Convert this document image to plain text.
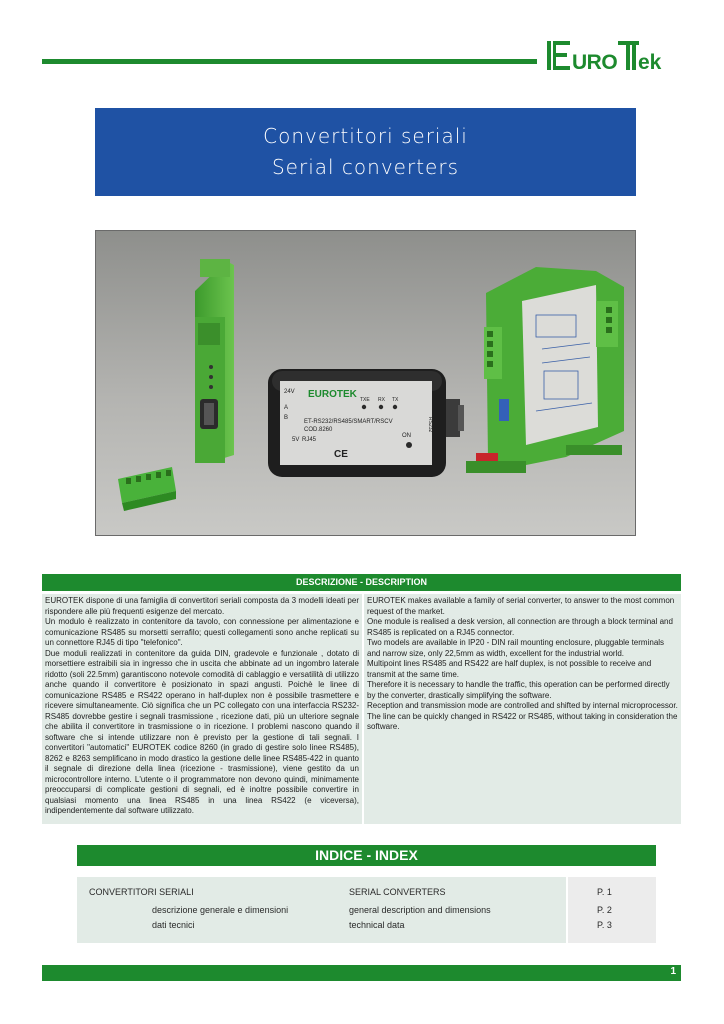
URO ek
Convertitori seriali
Serial converters
24V
A
B
EUROTEK TXE RX TX
ET-RS232/RS485/SMART/RSCV
COD.8260
5V RJ45
CE
ON
RS232
DESCRIZIONE - DESCRIPTION
EUROTEK dispone di una famiglia di convertitori seriali composta da 3 modelli ideati per rispondere alle più frequenti esigenze del mercato.
Un modulo è realizzato in contenitore da tavolo, con connessione per alimentazione e comunicazione RS485 su morsetti serrafilo; questi collegamenti sono anche replicati su un connettore RJ45 di tipo "telefonico".
Due moduli realizzati in contenitore da guida DIN, gradevole e funzionale , dotato di morsettiere estraibili sia in ingresso che in uscita che abbinate ad un ingombro laterale ridotto (soli 22.5mm) garantiscono notevole comodità di cablaggio e versatilità di utilizzo anche quando il convertitore è posizionato in spazi angusti. Poichè le linee di comunicazione RS485 e RS422 operano in half-duplex non è possibile trasmettere e ricevere simultaneamente. Ciò significa che un PC collegato con una interfaccia RS232-RS485 dovrebbe gestire i segnali trasmissione , ricezione dati, più un ulteriore segnale che abilita il convertitore in trasmissione o in ricezione. I problemi nascono quando il software che si intende utilizzare non è previsto per la gestione di tali segnali. I convertitori "automatici" EUROTEK codice 8260 (in grado di gestire solo linee RS485), 8262 e 8263 semplificano in modo drastico la gestione delle linee RS485-422 in quanto il segnale di direzione della linea (ricezione - trasmissione), viene gestito da un microcontrollore interno. L'utente o il programmatore non devono quindi, minimamente preoccuparsi di complicate gestioni di segnali, ed è inoltre possibile convertire in qualsiasi momento una linea RS485 in una linea RS422 (e viceversa), indipendentemente dal software utilizzato.
EUROTEK makes available a family of serial converter, to answer to the most common request of the market.
One module is realised a desk version, all connection are through a block terminal and RS485 is replicated on a RJ45 connector.
Two models are available in IP20 - DIN rail mounting enclosure, pluggable terminals and narrow size, only 22,5mm as width, excellent for the industrial world.
Multipoint lines RS485 and RS422 are half duplex, is not possible to receive and transmit at the same time.
Therefore it is necessary to handle the traffic, this operation can be performed directly by the converter, drastically simplifying the software.
Reception and transmission mode are controlled and shifted by internal microprocessor. The line can be quickly changed in RS422 or RS485, without taking in consideration the software.
INDICE - INDEX
CONVERTITORI SERIALI	SERIAL CONVERTERS	P. 1
descrizione generale e dimensioni	general description and dimensions	P. 2
dati tecnici	technical data	P. 3
1
